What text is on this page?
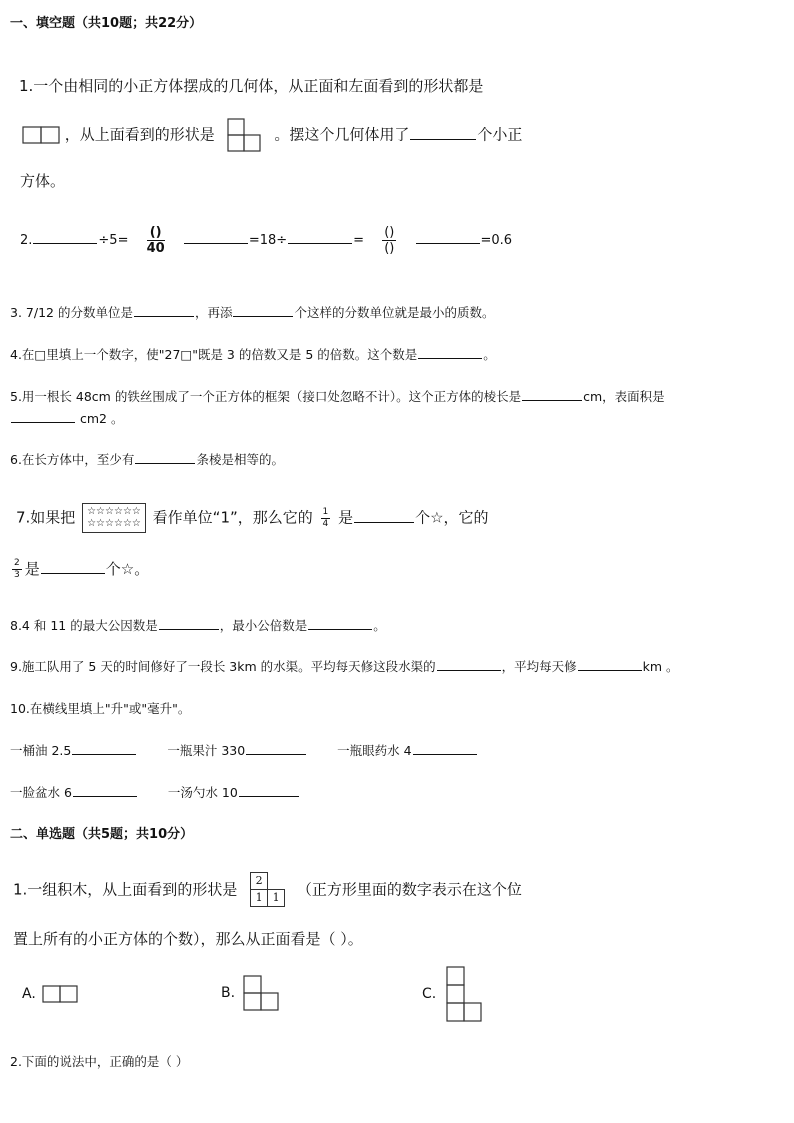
一、填空题（共10题；共22分）
1.一个由相同的小正方体摆成的几何体，从正面和左面看到的形状都是
，从上面看到的形状是	。摆这个几何体用了	个小正
方体。
2.	$\div 5= \frac{()}{40}$	=18÷	= $\frac{()}{()}$	=0.6
3. 7/12 的分数单位是	，再添	个这样的分数单位就是最小的质数。
4.在□里填上一个数字，使"27□"既是 3 的倍数又是 5 的倍数。这个数是	。
5.用一根长 48cm 的铁丝围成了一个正方体的框架（接口处忽略不计）。这个正方体的棱长是	cm，表面积是
cm2 。
6.在长方体中，至少有	条棱是相等的。
7.如果把 ☆☆☆☆☆☆
☆☆☆☆☆☆ 看作单位“1”，那么它的 $\frac{1}{4}$ 是	个☆，它的
$\frac{2}{3}$ 是	个☆。
8.4 和 11 的最大公因数是	，最小公倍数是	。
9.施工队用了 5 天的时间修好了一段长 3km 的水渠。平均每天修这段水渠的	，平均每天修	km 。
10.在横线里填上"升"或"毫升"。
一桶油 2.5	一瓶果汁 330	一瓶眼药水 4
一脸盆水 6	一汤勺水 10
二、单选题（共5题；共10分）
1.一组积木，从上面看到的形状是	2
1 1	（正方形里面的数字表示在这个位
置上所有的小正方体的个数），那么从正面看是（ ）。
A.	B.	C.
2.下面的说法中，正确的是（ ）
